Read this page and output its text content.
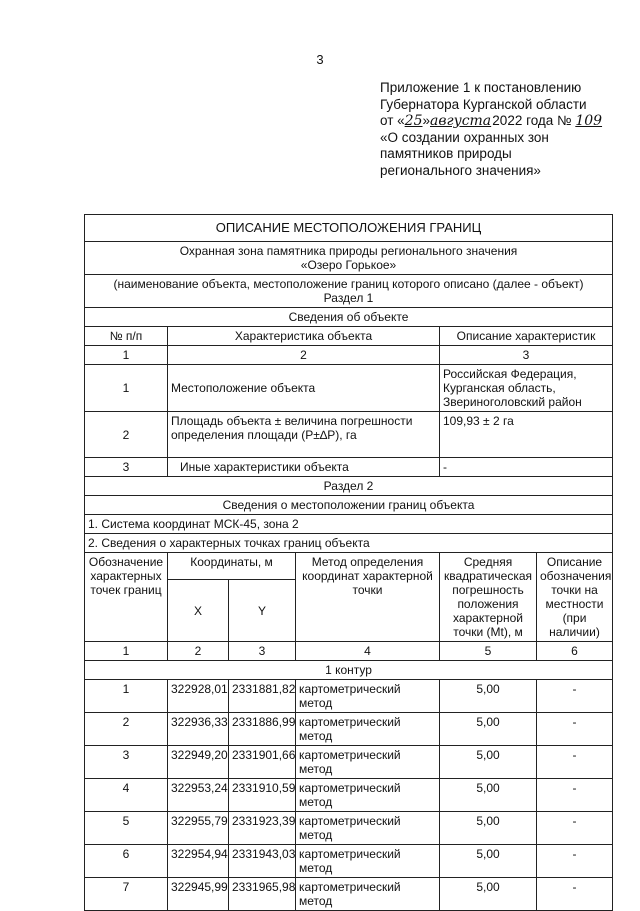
3
Приложение 1 к постановлению
Губернатора Курганской области
от «25»августа 2022 года № 109
«О создании охранных зон
памятников природы
регионального значения»
ОПИСАНИЕ МЕСТОПОЛОЖЕНИЯ ГРАНИЦ					

Охранная зона памятника природы регионального значения
«Озеро Горькое»					

(наименование объекта, местоположение границ которого описано (далее - объект)
Раздел 1					

Сведения об объекте					
№ п/п	Характеристика объекта			Описание характеристик	
1	2			3	
1	Местоположение объекта			Российская Федерация, Курганская область, Звериноголовский район	
2	Площадь объекта ± величина погрешности определения площади (Р±∆Р), га			109,93 ± 2 га	
3	Иные характеристики объекта			-	
Раздел 2					
Сведения о местоположении границ объекта					
1. Система координат МСК-45, зона 2					
2. Сведения о характерных точках границ объекта					
Обозначение характерных точек границ	Координаты, м		Метод определения координат характерной точки	Средняя квадратическая погрешность положения характерной точки (Mt), м	Описание обозначения точки на местности (при наличии)
	X	Y			
1	2	3	4	5	6
1 контур					
1	322928,01	2331881,82	картометрический метод	5,00	-
2	322936,33	2331886,99	картометрический метод	5,00	-
3	322949,20	2331901,66	картометрический метод	5,00	-
4	322953,24	2331910,59	картометрический метод	5,00	-
5	322955,79	2331923,39	картометрический метод	5,00	-
6	322954,94	2331943,03	картометрический метод	5,00	-
7	322945,99	2331965,98	картометрический метод	5,00	-
